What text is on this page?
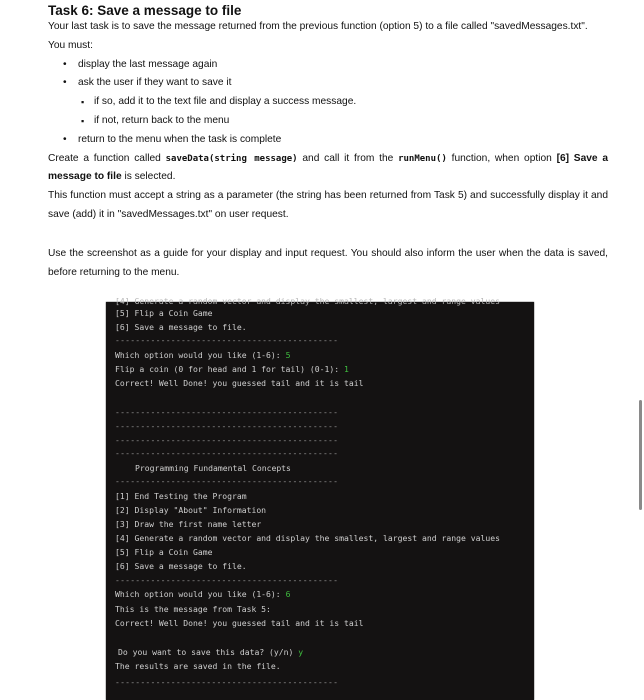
Task 6: Save a message to file

Your last task is to save the message returned from the previous function (option 5) to a file called "savedMessages.txt".

You must:

• display the last message again
• ask the user if they want to save it
▪ if so, add it to the text file and display a success message.
▪ if not, return back to the menu
• return to the menu when the task is complete

Create a function called saveData(string message) and call it from the runMenu() function, when option [6] Save a message to file is selected.

This function must accept a string as a parameter (the string has been returned from Task 5) and successfully display it and save (add) it in "savedMessages.txt" on user request.

Use the screenshot as a guide for your display and input request. You should also inform the user when the data is saved, before returning to the menu.

[4] Generate a random vector and display the smallest, largest and range values
[5] Flip a Coin Game
[6] Save a message to file.
--------------------------------------------
Which option would you like (1-6): 5
Flip a coin (0 for head and 1 for tail) (0-1): 1
Correct! Well Done! you guessed tail and it is tail
--------------------------------------------
--------------------------------------------
--------------------------------------------
--------------------------------------------
Programming Fundamental Concepts
--------------------------------------------
[1] End Testing the Program
[2] Display "About" Information
[3] Draw the first name letter
[4] Generate a random vector and display the smallest, largest and range values
[5] Flip a Coin Game
[6] Save a message to file.
--------------------------------------------
Which option would you like (1-6): 6
This is the message from Task 5:
Correct! Well Done! you guessed tail and it is tail
Do you want to save this data? (y/n) y
The results are saved in the file.
--------------------------------------------
